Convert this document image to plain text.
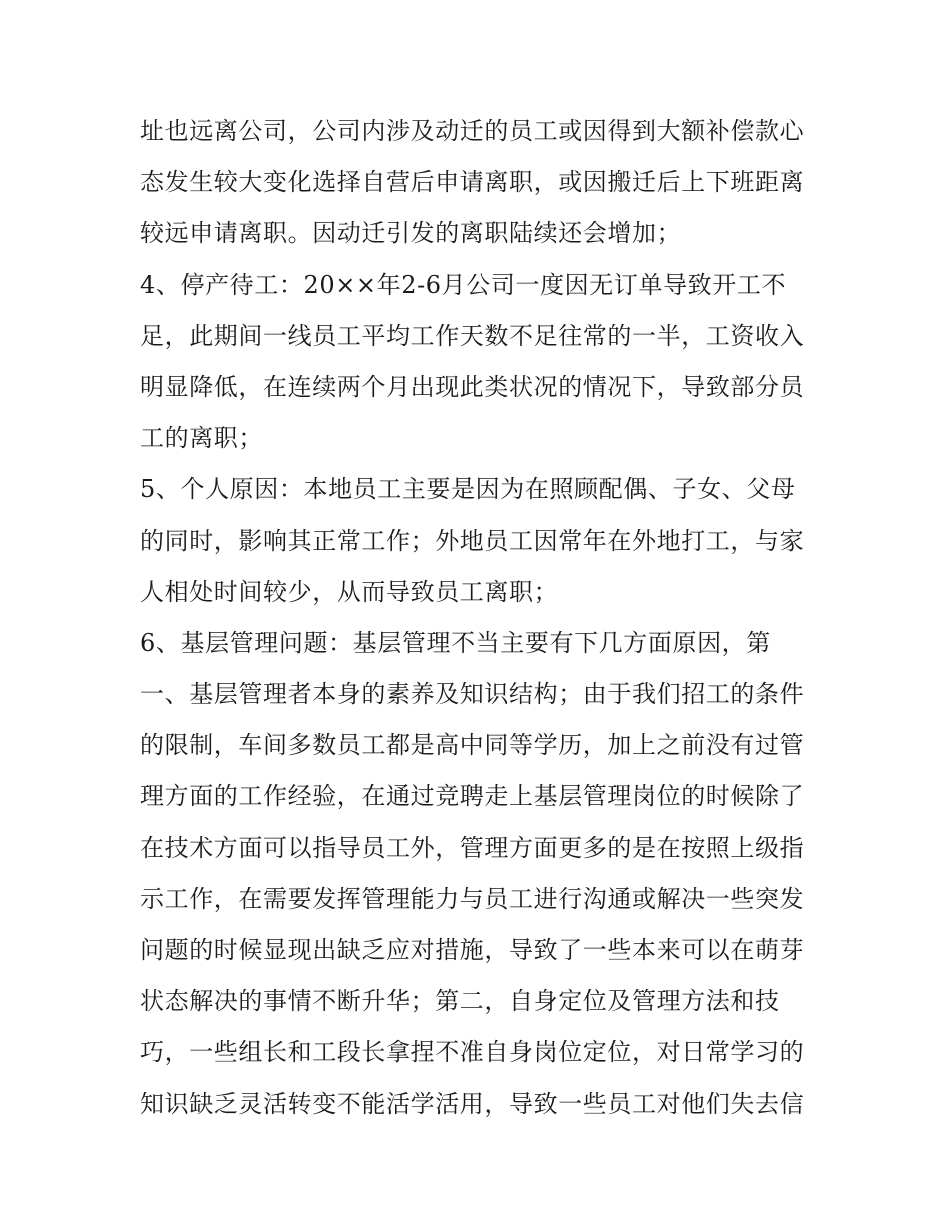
址也远离公司，公司内涉及动迁的员工或因得到大额补偿款心
态发生较大变化选择自营后申请离职，或因搬迁后上下班距离
较远申请离职。因动迁引发的离职陆续还会增加；
4、停产待工：20××年2-6月公司一度因无订单导致开工不
足，此期间一线员工平均工作天数不足往常的一半，工资收入
明显降低，在连续两个月出现此类状况的情况下，导致部分员
工的离职；
5、个人原因：本地员工主要是因为在照顾配偶、子女、父母
的同时，影响其正常工作；外地员工因常年在外地打工，与家
人相处时间较少，从而导致员工离职；
6、基层管理问题：基层管理不当主要有下几方面原因，第
一、基层管理者本身的素养及知识结构；由于我们招工的条件
的限制，车间多数员工都是高中同等学历，加上之前没有过管
理方面的工作经验，在通过竞聘走上基层管理岗位的时候除了
在技术方面可以指导员工外，管理方面更多的是在按照上级指
示工作，在需要发挥管理能力与员工进行沟通或解决一些突发
问题的时候显现出缺乏应对措施，导致了一些本来可以在萌芽
状态解决的事情不断升华；第二，自身定位及管理方法和技
巧，一些组长和工段长拿捏不准自身岗位定位，对日常学习的
知识缺乏灵活转变不能活学活用，导致一些员工对他们失去信
